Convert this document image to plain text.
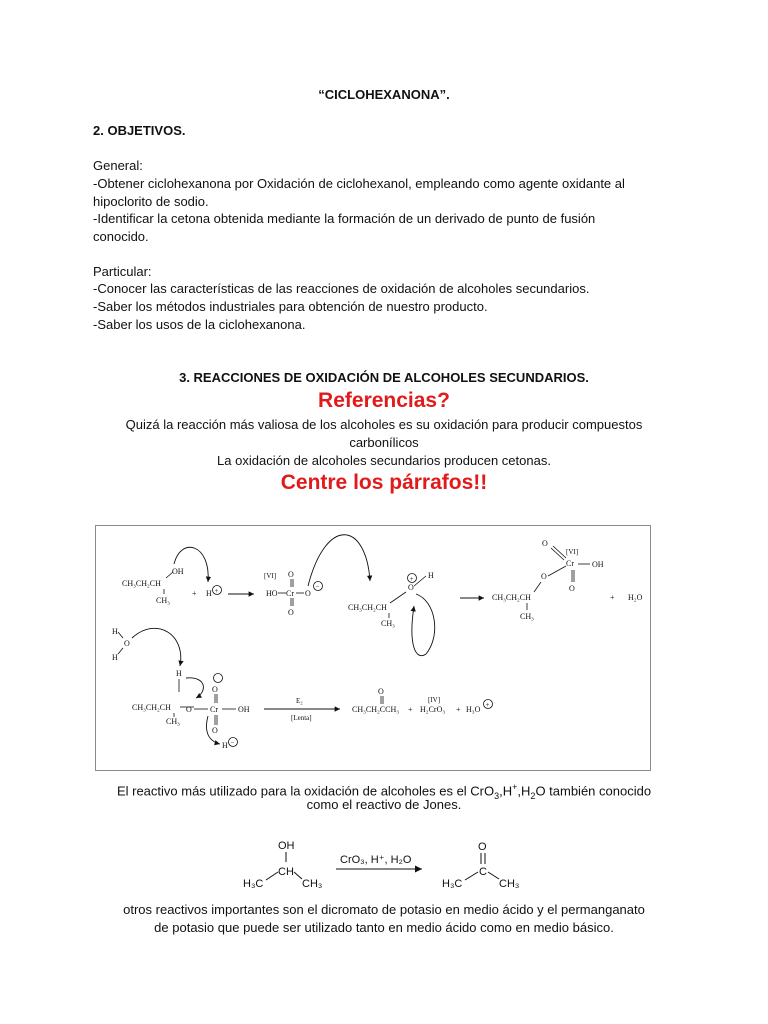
“CICLOHEXANONA”.
2. OBJETIVOS.
General:
-Obtener ciclohexanona por Oxidación de ciclohexanol, empleando como agente oxidante al
hipoclorito de sodio.
-Identificar la cetona obtenida mediante la formación de un derivado de punto de fusión
conocido.
Particular:
-Conocer las características de las reacciones de oxidación de alcoholes secundarios.
-Saber los métodos industriales para obtención de nuestro producto.
-Saber los usos de la ciclohexanona.
3. REACCIONES DE OXIDACIÓN DE ALCOHOLES SECUNDARIOS.
Referencias?
Quizá la reacción más valiosa de los alcoholes es su oxidación para producir compuestos
carbonílicos
La oxidación de alcoholes secundarios producen cetonas.
Centre los párrafos!!
CH₃CH₂CH
OH
CH₃
+ H +	HO Cr
[VI] O
O
O
−
CH₃CH₂CH
O
+ H
CH₃
CH₃CH₂CH
CH₃
O
Cr
[VI]
O
O
OH
+ H₂O
H
O
H
H
CH₃CH₂CH
CH₃
O Cr
O
O
OH
H −
E₂
[Lenta]
CH₃CH₂CCH₃
O
+
[IV]
H₂CrO₃ + H₃O +
El reactivo más utilizado para la oxidación de alcoholes es el $CrO_3,H^+,H_2O$ también conocido
como el reactivo de Jones.
OH
CH
H₃C	CH₃
CrO₃, H⁺, H₂O
O
C
H₃C	CH₃
otros reactivos importantes son el dicromato de potasio en medio ácido y el permanganato
de potasio que puede ser utilizado tanto en medio ácido como en medio básico.
